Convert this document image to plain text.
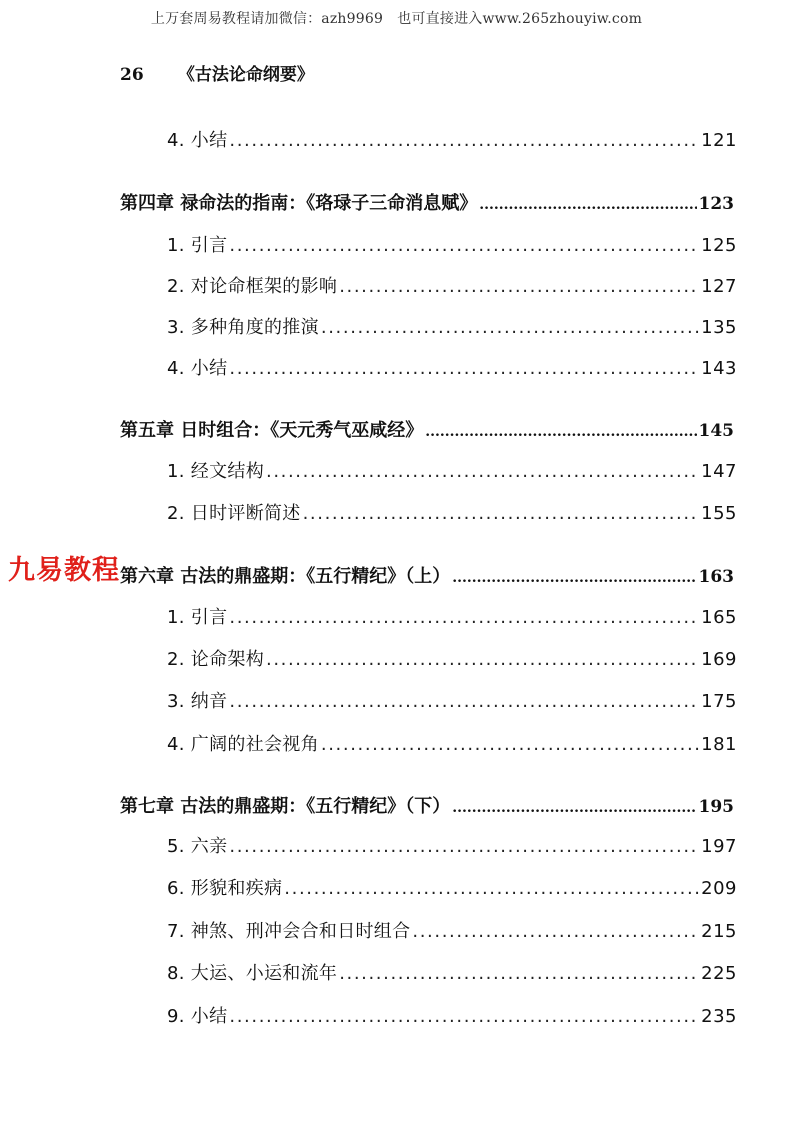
上万套周易教程请加微信：azh9969　也可直接进入www.265zhouyiw.com
26 《古法论命纲要》
九易教程
4. 小结 .....	121
第四章 禄命法的指南：《珞琭子三命消息赋》 .....	123
1. 引言 .....	125
2. 对论命框架的影响 .....	127
3. 多种角度的推演 .....	135
4. 小结 .....	143
第五章 日时组合：《天元秀气巫咸经》 .....	145
1. 经文结构 .....	147
2. 日时评断简述 .....	155
第六章 古法的鼎盛期：《五行精纪》（上） .....	163
1. 引言 .....	165
2. 论命架构 .....	169
3. 纳音 .....	175
4. 广阔的社会视角 .....	181
第七章 古法的鼎盛期：《五行精纪》（下） .....	195
5. 六亲 .....	197
6. 形貌和疾病 .....	209
7. 神煞、刑冲会合和日时组合 .....	215
8. 大运、小运和流年 .....	225
9. 小结 .....	235
